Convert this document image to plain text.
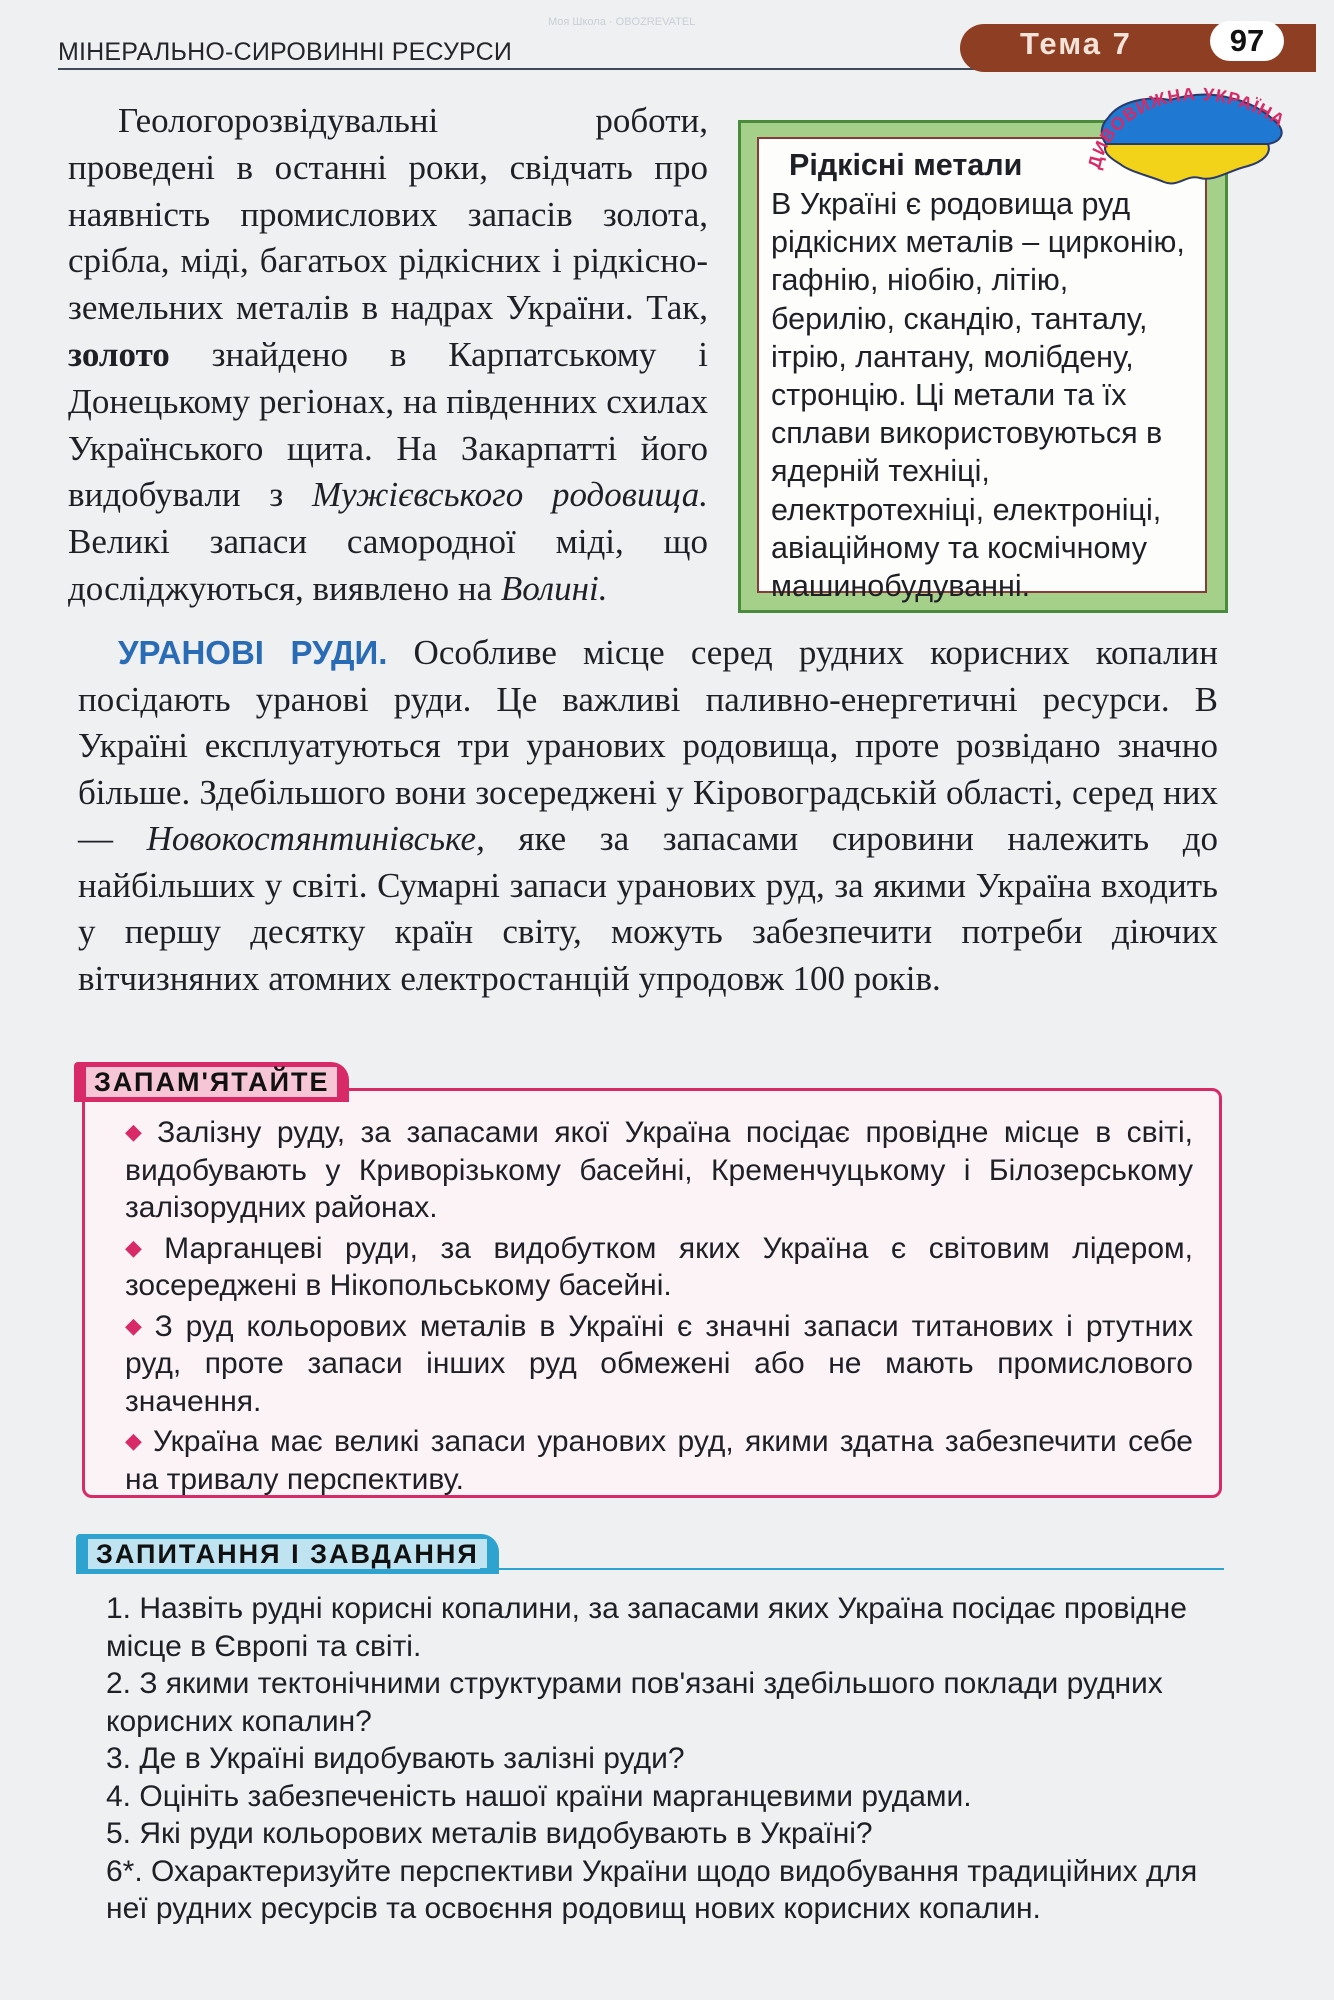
МІНЕРАЛЬНО-СИРОВИННІ РЕСУРСИ	Тема 7	97

Геологорозвідувальні роботи, проведені в останні роки, свідчать про наявність промислових запасів золота, срібла, міді, багатьох рідкісних і рідкісно-земельних металів в надрах України. Так, золото знайдено в Карпатському і Донецькому регіонах, на південних схилах Українського щита. На Закарпатті його видобували з Мужієвського родовища. Великі запаси самородної міді, що досліджуються, виявлено на Волині.

Рідкісні метали

В Україні є родовища руд рідкісних металів – цирконію, гафнію, ніобію, літію, берилію, скандію, танталу, ітрію, лантану, молібдену, стронцію. Ці метали та їх сплави використовуються в ядерній техніці, електротехніці, електроніці, авіаційному та космічному машинобудуванні.

ДИВОВИЖНА УКРАЇНА

УРАНОВІ РУДИ. Особливе місце серед рудних корисних копалин посідають уранові руди. Це важливі паливно-енергетичні ресурси. В Україні експлуатуються три уранових родовища, проте розвідано значно більше. Здебільшого вони зосереджені у Кіровоградській області, серед них — Новокостянтинівське, яке за запасами сировини належить до найбільших у світі. Сумарні запаси уранових руд, за якими Україна входить у першу десятку країн світу, можуть забезпечити потреби діючих вітчизняних атомних електростанцій упродовж 100 років.

◆ Залізну руду, за запасами якої Україна посідає провідне місце в світі, видобувають у Криворізькому басейні, Кременчуцькому і Білозерському залізорудних районах.

◆ Марганцеві руди, за видобутком яких Україна є світовим лідером, зосереджені в Нікопольському басейні.

◆ З руд кольорових металів в Україні є значні запаси титанових і ртутних руд, проте запаси інших руд обмежені або не мають промислового значення.

◆ Україна має великі запаси уранових руд, якими здатна забезпечити себе на тривалу перспективу.

ЗАПАМ'ЯТАЙТЕ
ЗАПИТАННЯ І ЗАВДАННЯ

1. Назвіть рудні корисні копалини, за запасами яких Україна посідає провідне місце в Європі та світі.

2. З якими тектонічними структурами пов'язані здебільшого поклади рудних корисних копалин?

3. Де в Україні видобувають залізні руди?

4. Оцініть забезпеченість нашої країни марганцевими рудами.

5. Які руди кольорових металів видобувають в Україні?

6*. Охарактеризуйте перспективи України щодо видобування традиційних для неї рудних ресурсів та освоєння родовищ нових корисних копалин.

Моя Школа · OBOZREVATEL
